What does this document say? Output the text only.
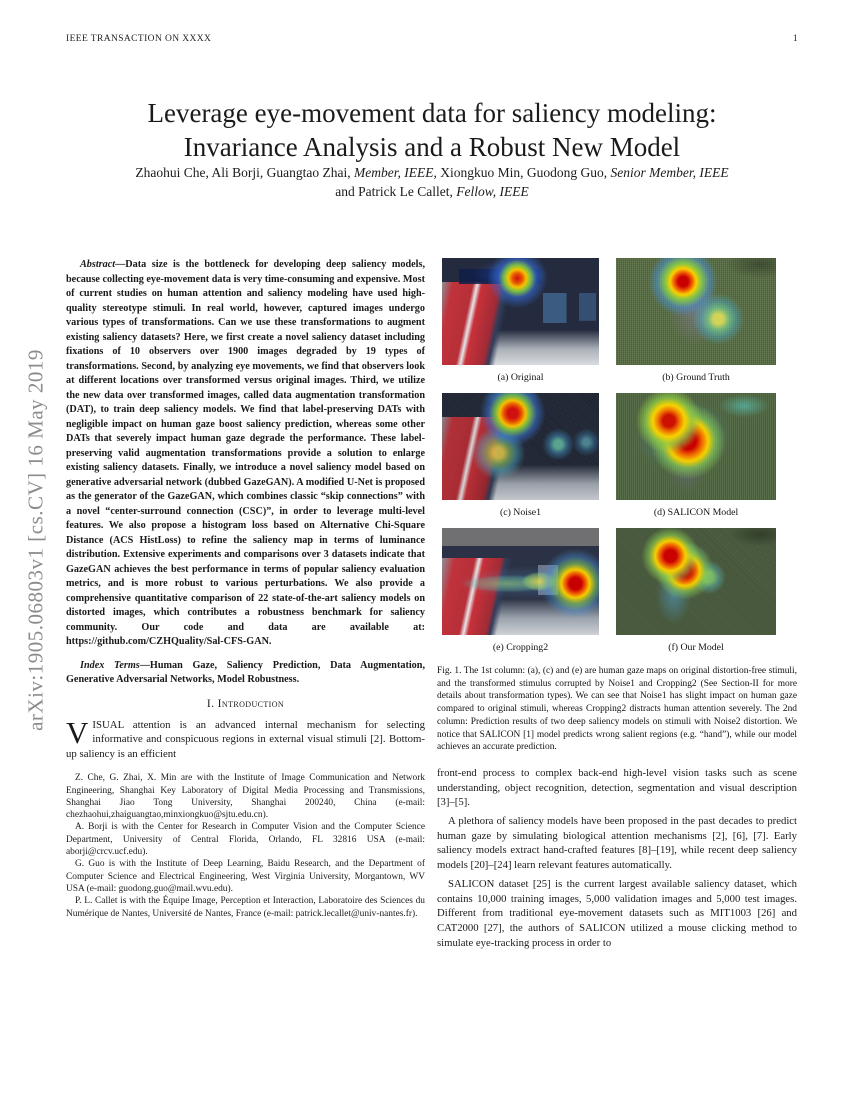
IEEE TRANSACTION ON XXXX	1
arXiv:1905.06803v1 [cs.CV] 16 May 2019
Leverage eye-movement data for saliency modeling:
Invariance Analysis and a Robust New Model
Zhaohui Che, Ali Borji, Guangtao Zhai, Member, IEEE, Xiongkuo Min, Guodong Guo, Senior Member, IEEE
and Patrick Le Callet, Fellow, IEEE

Abstract—Data size is the bottleneck for developing deep saliency models, because collecting eye-movement data is very time-consuming and expensive. Most of current studies on human attention and saliency modeling have used high-quality stereotype stimuli. In real world, however, captured images undergo various types of transformations. Can we use these transformations to augment existing saliency datasets? Here, we first create a novel saliency dataset including fixations of 10 observers over 1900 images degraded by 19 types of transformations. Second, by analyzing eye movements, we find that observers look at different locations over transformed versus original images. Third, we utilize the new data over transformed images, called data augmentation transformation (DAT), to train deep saliency models. We find that label-preserving DATs with negligible impact on human gaze boost saliency prediction, whereas some other DATs that severely impact human gaze degrade the performance. These label-preserving valid augmentation transformations provide a solution to enlarge existing saliency datasets. Finally, we introduce a novel saliency model based on generative adversarial network (dubbed GazeGAN). A modified U-Net is proposed as the generator of the GazeGAN, which combines classic “skip connections” with a novel “center-surround connection (CSC)”, in order to leverage multi-level features. We also propose a histogram loss based on Alternative Chi-Square Distance (ACS HistLoss) to refine the saliency map in terms of luminance distribution. Extensive experiments and comparisons over 3 datasets indicate that GazeGAN achieves the best performance in terms of popular saliency evaluation metrics, and is more robust to various perturbations. We also provide a comprehensive quantitative comparison of 22 state-of-the-art saliency models on distorted images, which contributes a robustness benchmark for saliency community. Our code and data are available at: https://github.com/CZHQuality/Sal-CFS-GAN.

Index Terms—Human Gaze, Saliency Prediction, Data Augmentation, Generative Adversarial Networks, Model Robustness.

I. Introduction

VISUAL attention is an advanced internal mechanism for selecting informative and conspicuous regions in external visual stimuli [2]. Bottom-up saliency is an efficient

Z. Che, G. Zhai, X. Min are with the Institute of Image Communication and Network Engineering, Shanghai Key Laboratory of Digital Media Processing and Transmissions, Shanghai Jiao Tong University, Shanghai 200240, China (e-mail: chezhaohui,zhaiguangtao,minxiongkuo@sjtu.edu.cn).

A. Borji is with the Center for Research in Computer Vision and the Computer Science Department, University of Central Florida, Orlando, FL 32816 USA (e-mail: aborji@crcv.ucf.edu).

G. Guo is with the Institute of Deep Learning, Baidu Research, and the Department of Computer Science and Electrical Engineering, West Virginia University, Morgantown, WV USA (e-mail: guodong.guo@mail.wvu.edu).

P. L. Callet is with the Équipe Image, Perception et Interaction, Laboratoire des Sciences du Numérique de Nantes, Université de Nantes, France (e-mail: patrick.lecallet@univ-nantes.fr).

(a) Original	(b) Ground Truth
(c) Noise1	(d) SALICON Model
(e) Cropping2	(f) Our Model

Fig. 1. The 1st column: (a), (c) and (e) are human gaze maps on original distortion-free stimuli, and the transformed stimulus corrupted by Noise1 and Cropping2 (See Section-II for more details about transformation types). We can see that Noise1 has slight impact on human gaze compared to original stimuli, whereas Cropping2 distracts human attention severely. The 2nd column: Prediction results of two deep saliency models on stimuli with Noise2 distortion. We notice that SALICON [1] model predicts wrong salient regions (e.g. “hand”), while our model achieves an accurate prediction.

front-end process to complex back-end high-level vision tasks such as scene understanding, object recognition, detection, segmentation and visual description [3]–[5].

A plethora of saliency models have been proposed in the past decades to predict human gaze by simulating biological attention mechanisms [2], [6], [7]. Early saliency models extract hand-crafted features [8]–[19], while recent deep saliency models [20]–[24] learn relevant features automatically.

SALICON dataset [25] is the current largest available saliency dataset, which contains 10,000 training images, 5,000 validation images and 5,000 test images. Different from traditional eye-movement datasets such as MIT1003 [26] and CAT2000 [27], the authors of SALICON utilized a mouse clicking method to simulate eye-tracking process in order to
